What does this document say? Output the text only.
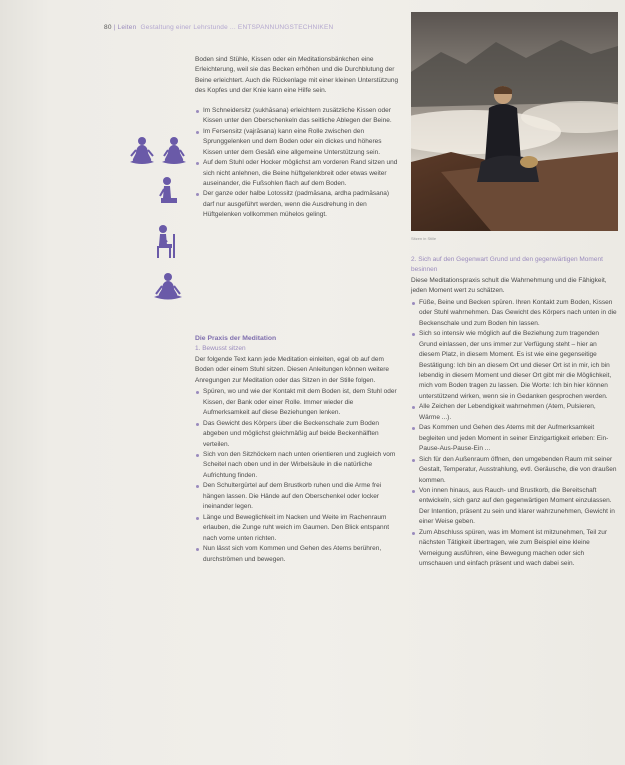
80 | Leiten Gestaltung einer Lehrstunde ... ENTSPANNUNGSTECHNIKEN

Boden sind Stühle, Kissen oder ein Meditationsbänkchen eine Erleichterung, weil sie das Becken erhöhen und die Durchblutung der Beine erleichtert. Auch die Rückenlage mit einer kleinen Unterstützung des Kopfes und der Knie kann eine Hilfe sein.

Im Schneidersitz (sukhāsana) erleichtern zusätzliche Kissen oder Kissen unter den Oberschenkeln das seitliche Ablegen der Beine.
Im Fersensitz (vajrāsana) kann eine Rolle zwischen den Sprunggelenken und dem Boden oder ein dickes und höheres Kissen unter dem Gesäß eine allgemeine Unterstützung sein.
Auf dem Stuhl oder Hocker möglichst am vorderen Rand sitzen und sich nicht anlehnen, die Beine hüftgelenkbreit oder etwas weiter auseinander, die Fußsohlen flach auf dem Boden.
Der ganze oder halbe Lotossitz (padmāsana, ardha padmāsana) darf nur ausgeführt werden, wenn die Ausdrehung in den Hüftgelenken vollkommen mühelos gelingt.
Die Praxis der Meditation
1. Bewusst sitzen

Der folgende Text kann jede Meditation einleiten, egal ob auf dem Boden oder einem Stuhl sitzen. Diesen Anleitungen können weitere Anregungen zur Meditation oder das Sitzen in der Stille folgen.

Spüren, wo und wie der Kontakt mit dem Boden ist, dem Stuhl oder Kissen, der Bank oder einer Rolle. Immer wieder die Aufmerksamkeit auf diese Beziehungen lenken.
Das Gewicht des Körpers über die Beckenschale zum Boden abgeben und möglichst gleichmäßig auf beide Beckenhälften verteilen.
Sich von den Sitzhöckern nach unten orientieren und zugleich vom Scheitel nach oben und in der Wirbelsäule in die natürliche Aufrichtung finden.
Den Schultergürtel auf dem Brustkorb ruhen und die Arme frei hängen lassen. Die Hände auf den Oberschenkel oder locker ineinander legen.
Länge und Beweglichkeit im Nacken und Weite im Rachenraum erlauben, die Zunge ruht weich im Gaumen. Den Blick entspannt nach vorne unten richten.
Nun lässt sich vom Kommen und Gehen des Atems berühren, durchströmen und bewegen.
Sitzen in Stille
2. Sich auf den Gegenwart Grund und den gegenwärtigen Moment besinnen

Diese Meditationspraxis schult die Wahrnehmung und die Fähigkeit, jeden Moment wert zu schätzen.

Füße, Beine und Becken spüren. Ihren Kontakt zum Boden, Kissen oder Stuhl wahrnehmen. Das Gewicht des Körpers nach unten in die Beckenschale und zum Boden hin lassen.
Sich so intensiv wie möglich auf die Beziehung zum tragenden Grund einlassen, der uns immer zur Verfügung steht – hier an diesem Platz, in diesem Moment. Es ist wie eine gegenseitige Bestätigung: Ich bin an diesem Ort und dieser Ort ist in mir, ich bin lebendig in diesem Moment und dieser Ort gibt mir die Möglichkeit, mich vom Boden tragen zu lassen. Die Worte: Ich bin hier können unterstützend wirken, wenn sie in Gedanken gesprochen werden.
Alle Zeichen der Lebendigkeit wahrnehmen (Atem, Pulsieren, Wärme ...).
Das Kommen und Gehen des Atems mit der Aufmerksamkeit begleiten und jeden Moment in seiner Einzigartigkeit erleben: Ein-Pause-Aus-Pause-Ein ...
Sich für den Außenraum öffnen, den umgebenden Raum mit seiner Gestalt, Temperatur, Ausstrahlung, evtl. Geräusche, die von draußen kommen.
Von innen hinaus, aus Rauch- und Brustkorb, die Bereitschaft entwickeln, sich ganz auf den gegenwärtigen Moment einzulassen. Der Intention, präsent zu sein und klarer wahrzunehmen, Gewicht in einer Weise geben.
Zum Abschluss spüren, was im Moment ist mitzunehmen, Teil zur nächsten Tätigkeit übertragen, wie zum Beispiel eine kleine Verneigung ausführen, eine Bewegung machen oder sich umschauen und einfach präsent und wach dabei sein.
